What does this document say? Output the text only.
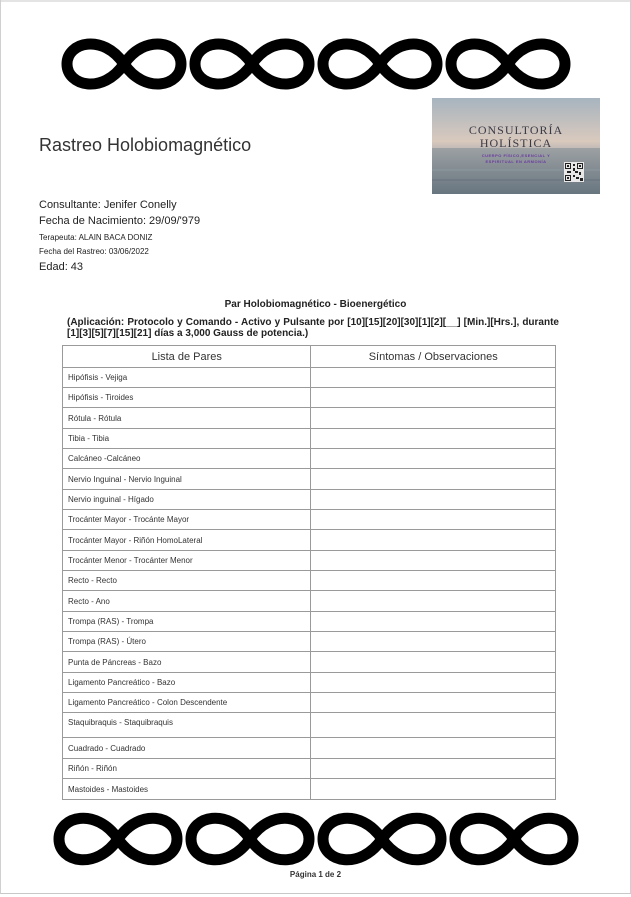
Rastreo Holobiomagnético
CONSULTORÍA
HOLÍSTICA
CUERPO FÍSICO,ESENCIAL Y
ESPIRITUAL EN ARMONÍA
Consultante: Jenifer Conelly
Fecha de Nacimiento: 29/09/'979
Terapeuta: ALAIN BACA DONIZ
Fecha del Rastreo: 03/06/2022
Edad: 43
Par Holobiomagnético - Bioenergético
(Aplicación: Protocolo y Comando - Activo y Pulsante por [10][15][20][30][1][2][__] [Min.][Hrs.], durante [1][3][5][7][15][21] días a 3,000 Gauss de potencia.)
Lista de Pares	Síntomas / Observaciones
Hipófisis - Vejiga	
Hipófisis - Tiroides	
Rótula - Rótula	
Tibia - Tibia	
Calcáneo -Calcáneo	
Nervio Inguinal - Nervio Inguinal	
Nervio inguinal - Hígado	
Trocánter Mayor - Trocánte Mayor	
Trocánter Mayor - Riñón HomoLateral	
Trocánter Menor - Trocánter Menor	
Recto - Recto	
Recto - Ano	
Trompa (RAS) - Trompa	
Trompa (RAS) - Útero	
Punta de Páncreas - Bazo	
Ligamento Pancreático - Bazo	
Ligamento Pancreático - Colon Descendente	
Staquibraquis - Staquibraquis	
Cuadrado - Cuadrado	
Riñón - Riñón	
Mastoides - Mastoides	
Página 1 de 2
